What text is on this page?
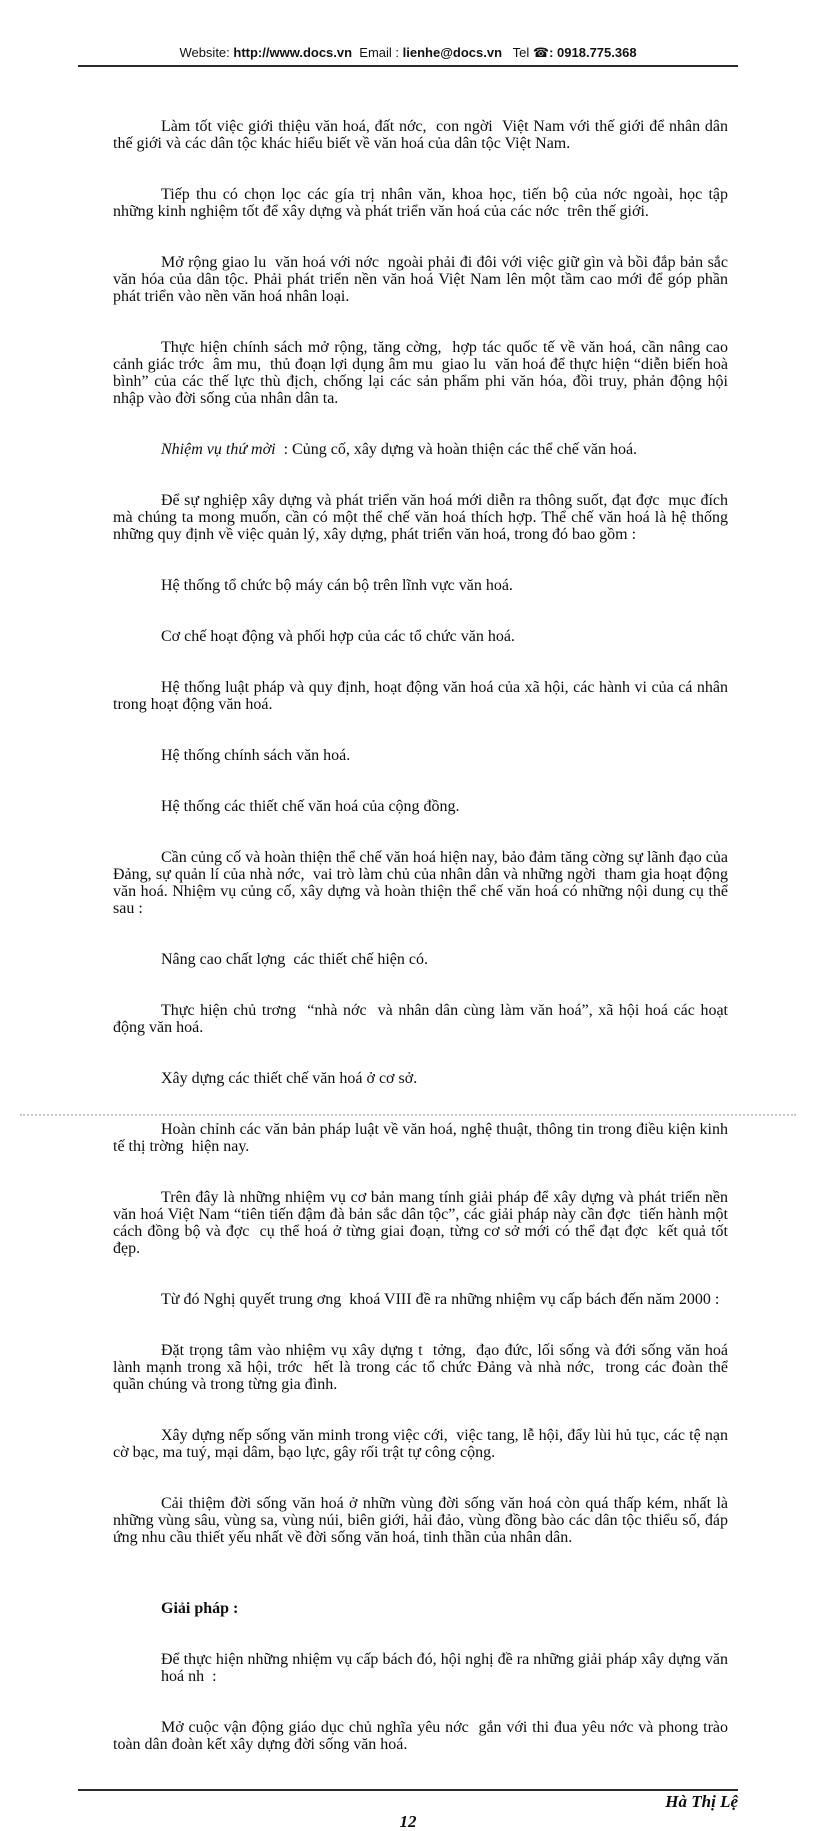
Website: http://www.docs.vn  Email : lienhe@docs.vn   Tel ☎: 0918.775.368

Làm tốt việc giới thiệu văn hoá, đất nớc,  con ngời  Việt Nam với thế giới để nhân dân thế giới và các dân tộc khác hiểu biết về văn hoá của dân tộc Việt Nam.

Tiếp thu có chọn lọc các gía trị nhân văn, khoa học, tiến bộ của nớc ngoài, học tập những kinh nghiệm tốt để xây dựng và phát triển văn hoá của các nớc  trên thế giới.

Mở rộng giao lu  văn hoá với nớc  ngoài phải đi đôi với việc giữ gìn và bồi đắp bản sắc văn hóa của dân tộc. Phải phát triển nền văn hoá Việt Nam lên một tầm cao mới để góp phần phát triển vào nền văn hoá nhân loại.

Thực hiện chính sách mở rộng, tăng cờng,  hợp tác quốc tế về văn hoá, cần nâng cao cảnh giác trớc  âm mu,  thủ đoạn lợi dụng âm mu  giao lu  văn hoá để thực hiện “diễn biến hoà bình” của các thế lực thù địch, chống lại các sản phẩm phi văn hóa, đồi truy, phản động hội nhập vào đời sống của nhân dân ta.

Nhiệm vụ thứ mời  : Củng cố, xây dựng và hoàn thiện các thể chế văn hoá.

Để sự nghiệp xây dựng và phát triển văn hoá mới diễn ra thông suốt, đạt đợc  mục đích mà chúng ta mong muốn, cần có một thể chế văn hoá thích hợp. Thể chế văn hoá là hệ thống những quy định về việc quản lý, xây dựng, phát triển văn hoá, trong đó bao gồm :

Hệ thống tổ chức bộ máy cán bộ trên lĩnh vực văn hoá.

Cơ chế hoạt động và phối hợp của các tổ chức văn hoá.

Hệ thống luật pháp và quy định, hoạt động văn hoá của xã hội, các hành vi của cá nhân trong hoạt động văn hoá.

Hệ thống chính sách văn hoá.

Hệ thống các thiết chế văn hoá của cộng đồng.

Cần củng cố và hoàn thiện thể chế văn hoá hiện nay, bảo đảm tăng cờng sự lãnh đạo của Đảng, sự quản lí của nhà nớc,  vai trò làm chủ của nhân dân và những ngời  tham gia hoạt động văn hoá. Nhiệm vụ củng cố, xây dựng và hoàn thiện thể chế văn hoá có những nội dung cụ thể sau :

Nâng cao chất lợng  các thiết chế hiện có.

Thực hiện chủ trơng  “nhà nớc  và nhân dân cùng làm văn hoá”, xã hội hoá các hoạt động văn hoá.

Xây dựng các thiết chế văn hoá ở cơ sở.

Hoàn chỉnh các văn bản pháp luật về văn hoá, nghệ thuật, thông tin trong điều kiện kinh tế thị trờng  hiện nay.

Trên đây là những nhiệm vụ cơ bản mang tính giải pháp để xây dựng và phát triển nền văn hoá Việt Nam “tiên tiến đậm đà bản sắc dân tộc”, các giải pháp này cần đợc  tiến hành một cách đồng bộ và đợc  cụ thể hoá ở từng giai đoạn, từng cơ sở mới có thể đạt đợc  kết quả tốt đẹp.

Từ đó Nghị quyết trung ơng  khoá VIII đề ra những nhiệm vụ cấp bách đến năm 2000 :

Đặt trọng tâm vào nhiệm vụ xây dựng t  tởng,  đạo đức, lối sống và đới sống văn hoá lành mạnh trong xã hội, trớc  hết là trong các tổ chức Đảng và nhà nớc,  trong các đoàn thể quần chúng và trong từng gia đình.

Xây dựng nếp sống văn minh trong việc cới,  việc tang, lễ hội, đẩy lùi hủ tục, các tệ nạn cờ bạc, ma tuý, mại dâm, bạo lực, gây rối trật tự công cộng.

Cải thiệm đời sống văn hoá ở nhữn vùng đời sống văn hoá còn quá thấp kém, nhất là những vùng sâu, vùng sa, vùng núi, biên giới, hải đảo, vùng đồng bào các dân tộc thiểu số, đáp ứng nhu cầu thiết yếu nhất về đời sống văn hoá, tinh thần của nhân dân.

Giải pháp :

Để thực hiện những nhiệm vụ cấp bách đó, hội nghị đề ra những giải pháp xây dựng văn hoá nh  :

Mở cuộc vận động giáo dục chủ nghĩa yêu nớc  gắn với thi đua yêu nớc và phong trào toàn dân đoàn kết xây dựng đời sống văn hoá.

Hà Thị Lệ
12
